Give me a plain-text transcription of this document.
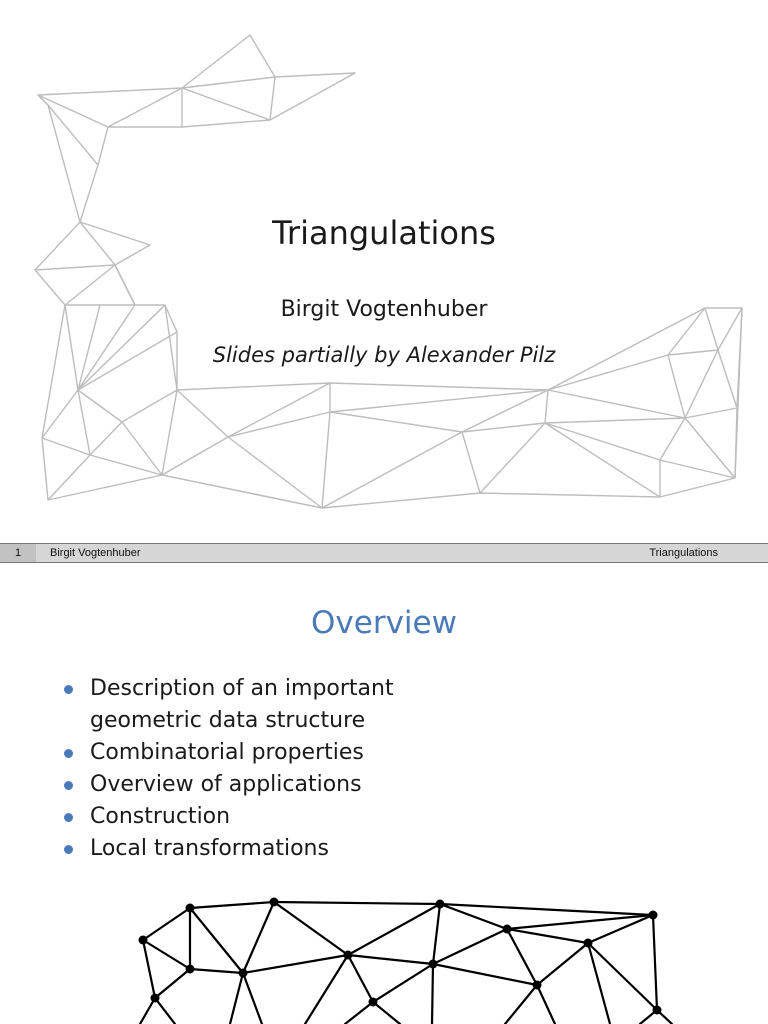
Triangulations
Birgit Vogtenhuber
Slides partially by Alexander Pilz
1	Birgit Vogtenhuber	Triangulations
Overview
Description of an important geometric data structure
Combinatorial properties
Overview of applications
Construction
Local transformations
